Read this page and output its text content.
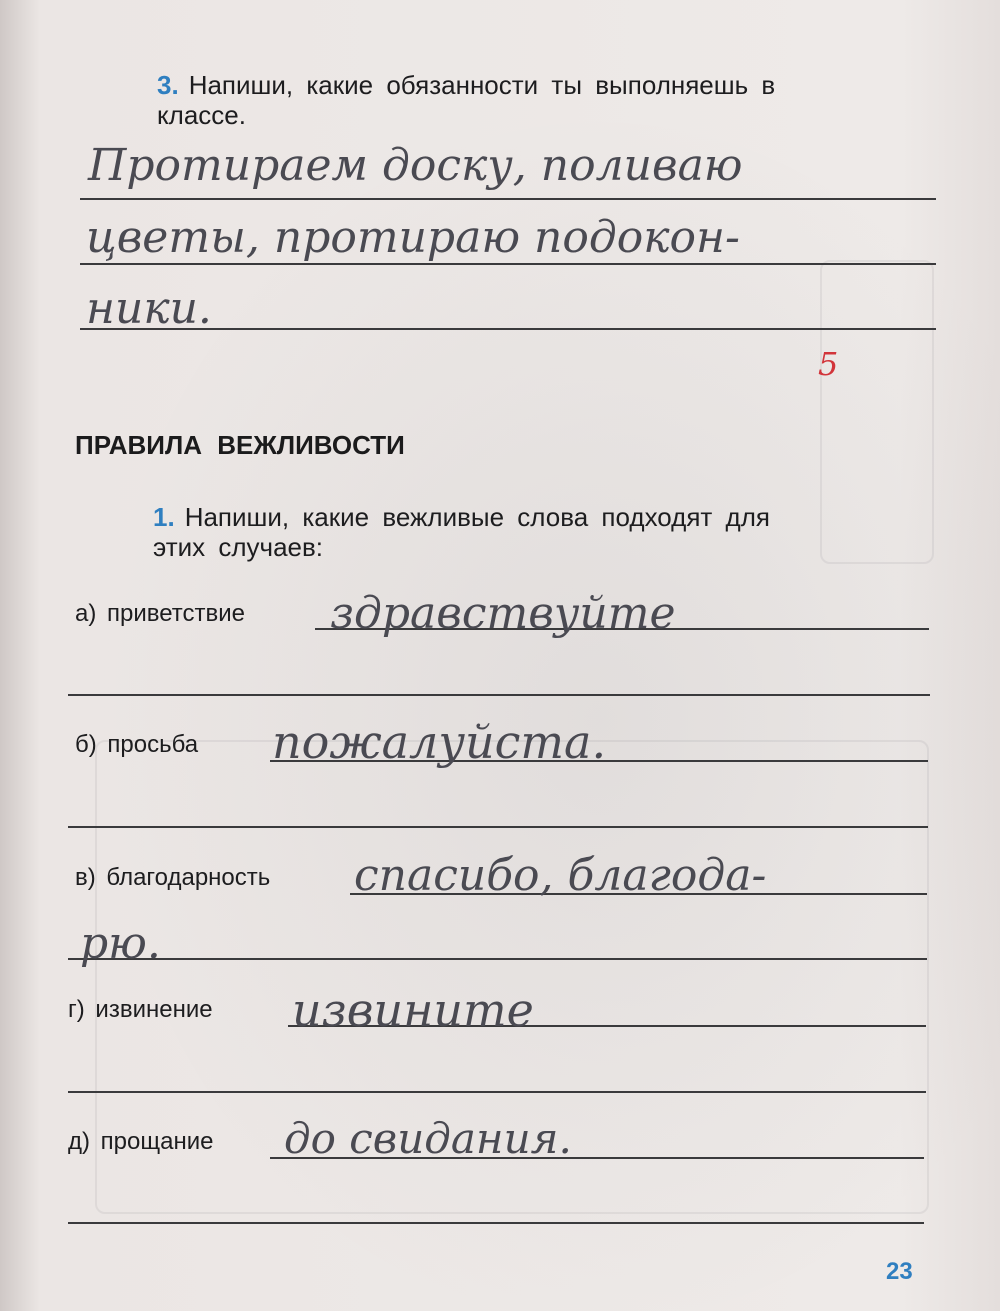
3. Напиши, какие обязанности ты выполняешь в
классе.
Протираем доску, поливаю
цветы, протираю подокон-
ники.
5
ПРАВИЛА ВЕЖЛИВОСТИ
1. Напиши, какие вежливые слова подходят для
этих случаев:
а) приветствие здравствуйте
б) просьба пожалуйста.
в) благодарность спасибо, благода-
рю.
г) извинение извините
д) прощание до свидания.
23
